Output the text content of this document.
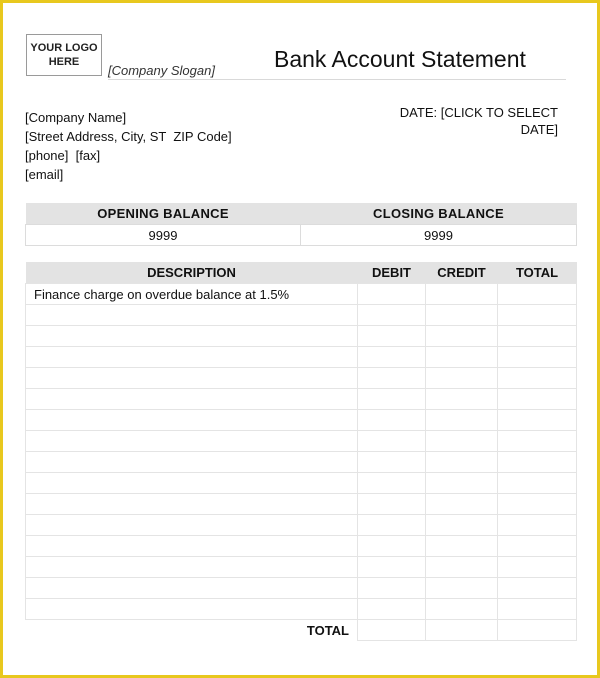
YOUR LOGO
HERE
[Company Slogan]	Bank Account Statement
[Company Name]
[Street Address, City, ST  ZIP Code]
[phone]  [fax]
[email]
DATE: [CLICK TO SELECT
DATE]
OPENING BALANCE	CLOSING BALANCE
9999	9999
DESCRIPTION	DEBIT	CREDIT	TOTAL
Finance charge on overdue balance at 1.5%			

TOTAL			
